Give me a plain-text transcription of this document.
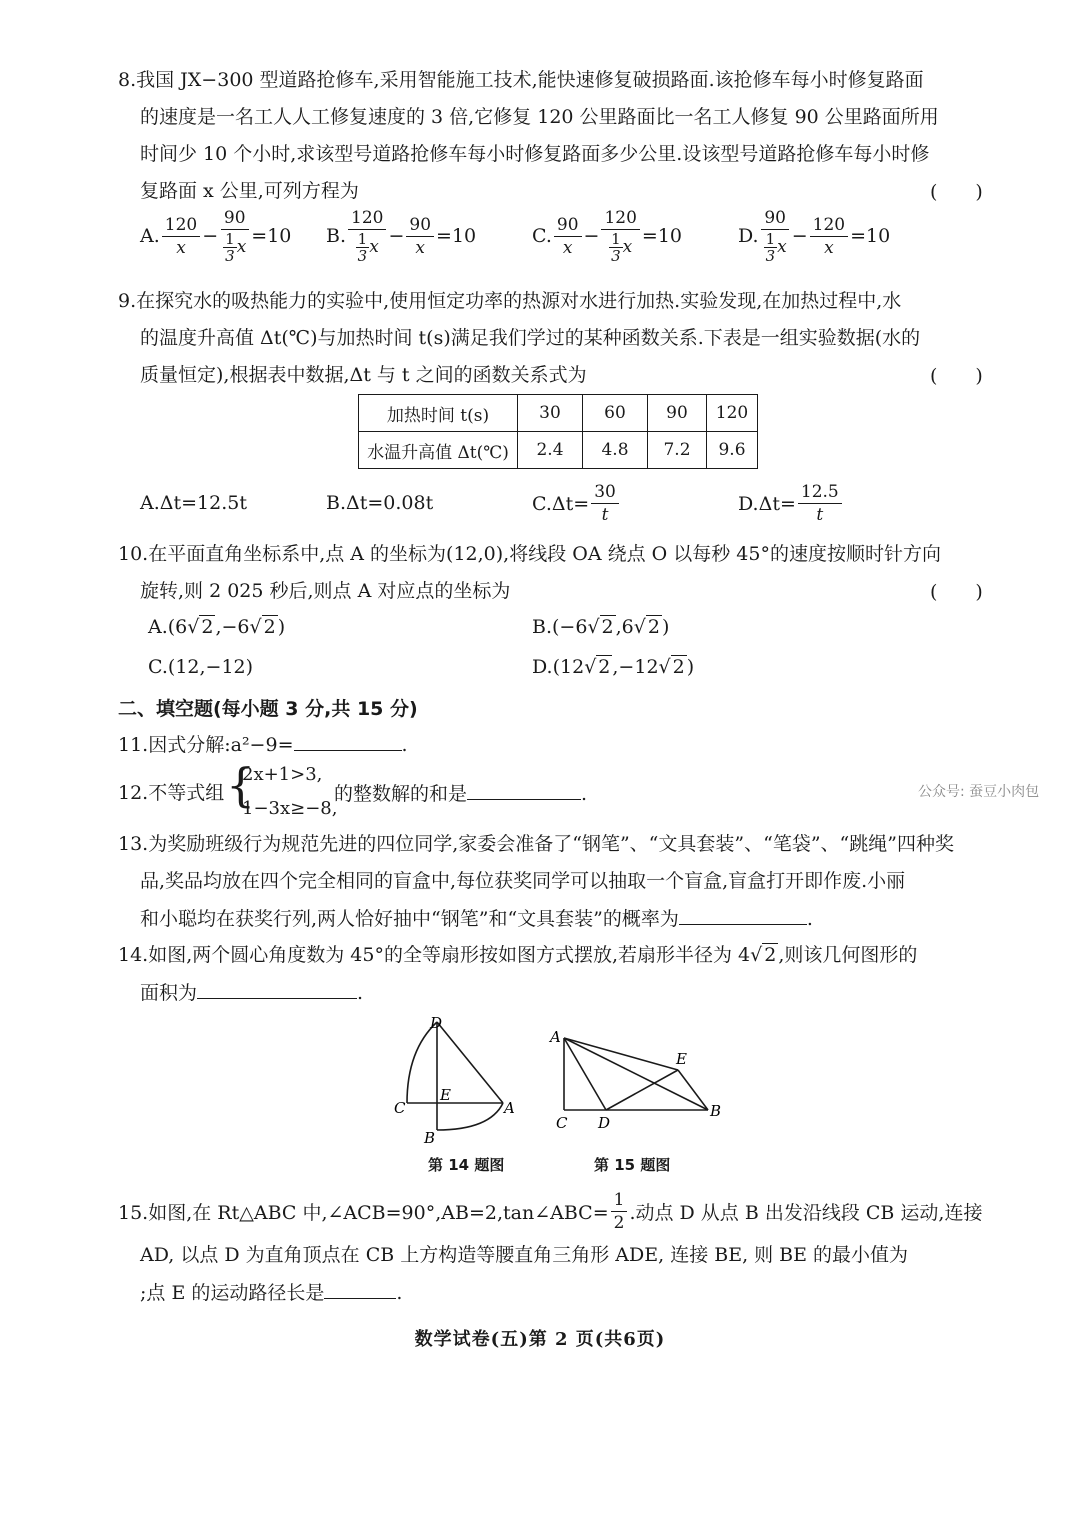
8.我国 JX−300 型道路抢修车,采用智能施工技术,能快速修复破损路面.该抢修车每小时修复路面
的速度是一名工人人工修复速度的 3 倍,它修复 120 公里路面比一名工人修复 90 公里路面所用
时间少 10 个小时,求该型号道路抢修车每小时修复路面多少公里.设该型号道路抢修车每小时修
复路面 x 公里,可列方程为	(　　)
A. $\frac{120}{x} - \frac{90}{\frac{1}{3} x} =10$ B. $\frac{120}{\frac{1}{3} x} - \frac{90}{x} =10$	C. $\frac{90}{x} - \frac{120}{\frac{1}{3} x} =10$	D. $\frac{90}{\frac{1}{3} x} - \frac{120}{x} =10$
9.在探究水的吸热能力的实验中,使用恒定功率的热源对水进行加热.实验发现,在加热过程中,水
的温度升高值 Δt(℃)与加热时间 t(s)满足我们学过的某种函数关系.下表是一组实验数据(水的
质量恒定),根据表中数据,Δt 与 t 之间的函数关系式为	(　　)
加热时间 t(s)	30	60	90	120
水温升高值 Δt(℃)	2.4	4.8	7.2	9.6
A.Δt=12.5t	B.Δt=0.08t	$C.\Delta t= \frac{30}{t}$	$D.\Delta t= \frac{12.5}{t}$
10.在平面直角坐标系中,点 A 的坐标为(12,0),将线段 OA 绕点 O 以每秒 45°的速度按顺时针方向
旋转,则 2 025 秒后,则点 A 对应点的坐标为	(　　)
A.(6 √ 2 ,−6 √ 2 )	B.(−6 √ 2 ,6 √ 2 )
C.(12,−12)	D.(12 √ 2 ,−12 √ 2 )
二、填空题(每小题 3 分,共 15 分)
11.因式分解:a²−9=	.
公众号: 蚕豆小肉包
12.不等式组 {
2x+1>3,
1−3x≥−8,
的整数解的和是	.
13.为奖励班级行为规范先进的四位同学,家委会准备了“钢笔”、“文具套装”、“笔袋”、“跳绳”四种奖
品,奖品均放在四个完全相同的盲盒中,每位获奖同学可以抽取一个盲盒,盲盒打开即作废.小丽
和小聪均在获奖行列,两人恰好抽中“钢笔”和“文具套装”的概率为	.
14.如图,两个圆心角度数为 45°的全等扇形按如图方式摆放,若扇形半径为 4√ 2 ,则该几何图形的
面积为	.
D
C
E
A
B
第 14 题图
A
E
C D
B
第 15 题图
15.如图,在 Rt△ABC 中,∠ACB=90°,AB=2,tan∠ABC= $\frac{1}{2}$ .动点 D 从点 B 出发沿线段 CB 运动,连接
AD, 以点 D 为直角顶点在 CB 上方构造等腰直角三角形 ADE, 连接 BE, 则 BE 的最小值为
;点 E 的运动路径长是	.
数学试卷(五)第 2 页(共6页)
